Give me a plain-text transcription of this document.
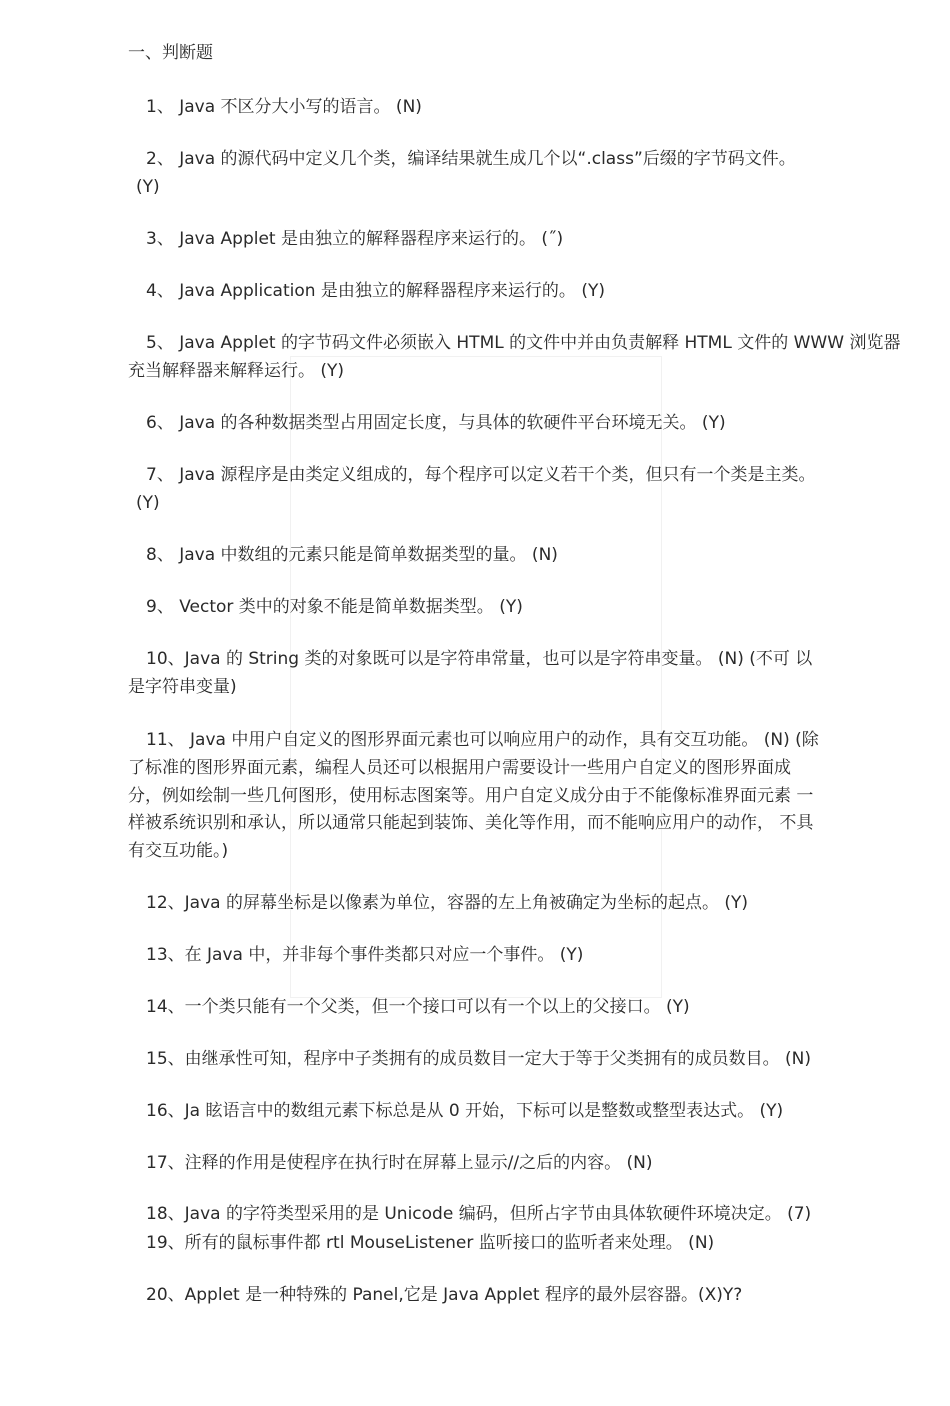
一、判断题
1、 Java 不区分大小写的语言。 (N)
2、 Java 的源代码中定义几个类，编译结果就生成几个以“.class”后缀的字节码文件。
(Y)
3、 Java Applet 是由独立的解释器程序来运行的。 (˝)
4、 Java Application 是由独立的解释器程序来运行的。 (Y)
5、 Java Applet 的字节码文件必须嵌入 HTML 的文件中并由负责解释 HTML 文件的 WWW 浏览器
充当解释器来解释运行。 (Y)
6、 Java 的各种数据类型占用固定长度，与具体的软硬件平台环境无关。 (Y)
7、 Java 源程序是由类定义组成的，每个程序可以定义若干个类，但只有一个类是主类。
(Y)
8、 Java 中数组的元素只能是简单数据类型的量。 (N)
9、 Vector 类中的对象不能是简单数据类型。 (Y)
10、Java 的 String 类的对象既可以是字符串常量，也可以是字符串变量。 (N) (不可 以
是字符串变量)
11、 Java 中用户自定义的图形界面元素也可以响应用户的动作，具有交互功能。 (N) (除
了标准的图形界面元素，编程人员还可以根据用户需要设计一些用户自定义的图形界面成
分，例如绘制一些几何图形，使用标志图案等。用户自定义成分由于不能像标准界面元素 一
样被系统识别和承认，所以通常只能起到装饰、美化等作用，而不能响应用户的动作， 不具
有交互功能。)
12、Java 的屏幕坐标是以像素为单位，容器的左上角被确定为坐标的起点。 (Y)
13、在 Java 中，并非每个事件类都只对应一个事件。 (Y)
14、一个类只能有一个父类，但一个接口可以有一个以上的父接口。 (Y)
15、由继承性可知，程序中子类拥有的成员数目一定大于等于父类拥有的成员数目。 (N)
16、Ja 眩语言中的数组元素下标总是从 0 开始，下标可以是整数或整型表达式。 (Y)
17、注释的作用是使程序在执行时在屏幕上显示//之后的内容。 (N)
18、Java 的字符类型采用的是 Unicode 编码，但所占字节由具体软硬件环境决定。 (7)
19、所有的鼠标事件都 rtl MouseListener 监听接口的监听者来处理。 (N)
20、Applet 是一种特殊的 Panel,它是 Java Applet 程序的最外层容器。(X)Y?
